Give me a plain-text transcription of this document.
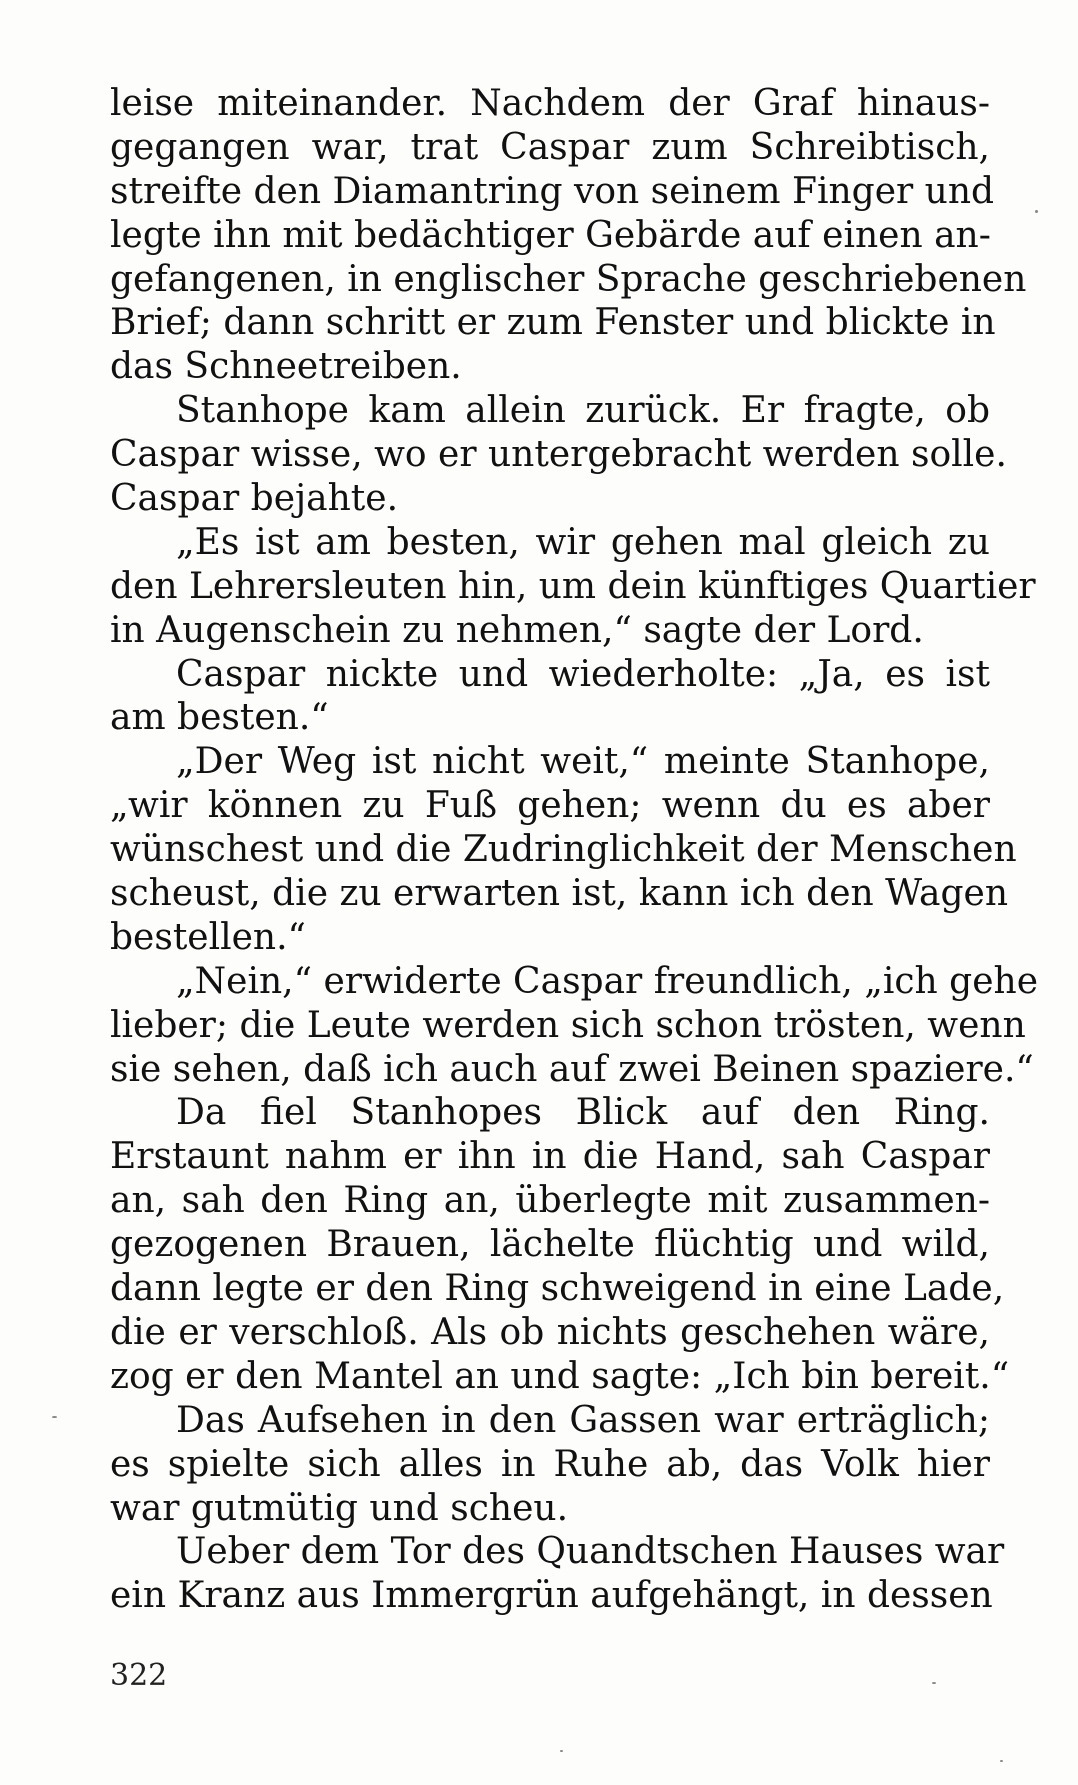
leise miteinander. Nachdem der Graf hinaus-
gegangen war, trat Caspar zum Schreibtisch,
streifte den Diamantring von seinem Finger und
legte ihn mit bedächtiger Gebärde auf einen an-
gefangenen, in englischer Sprache geschriebenen
Brief; dann schritt er zum Fenster und blickte in
das Schneetreiben.
Stanhope kam allein zurück. Er fragte, ob
Caspar wisse, wo er untergebracht werden solle.
Caspar bejahte.
„Es ist am besten, wir gehen mal gleich zu
den Lehrersleuten hin, um dein künftiges Quartier
in Augenschein zu nehmen,“ sagte der Lord.
Caspar nickte und wiederholte: „Ja, es ist
am besten.“
„Der Weg ist nicht weit,“ meinte Stanhope,
„wir können zu Fuß gehen; wenn du es aber
wünschest und die Zudringlichkeit der Menschen
scheust, die zu erwarten ist, kann ich den Wagen
bestellen.“
„Nein,“ erwiderte Caspar freundlich, „ich gehe
lieber; die Leute werden sich schon trösten, wenn
sie sehen, daß ich auch auf zwei Beinen spaziere.“
Da fiel Stanhopes Blick auf den Ring.
Erstaunt nahm er ihn in die Hand, sah Caspar
an, sah den Ring an, überlegte mit zusammen-
gezogenen Brauen, lächelte flüchtig und wild,
dann legte er den Ring schweigend in eine Lade,
die er verschloß. Als ob nichts geschehen wäre,
zog er den Mantel an und sagte: „Ich bin bereit.“
Das Aufsehen in den Gassen war erträglich;
es spielte sich alles in Ruhe ab, das Volk hier
war gutmütig und scheu.
Ueber dem Tor des Quandtschen Hauses war
ein Kranz aus Immergrün aufgehängt, in dessen
322
